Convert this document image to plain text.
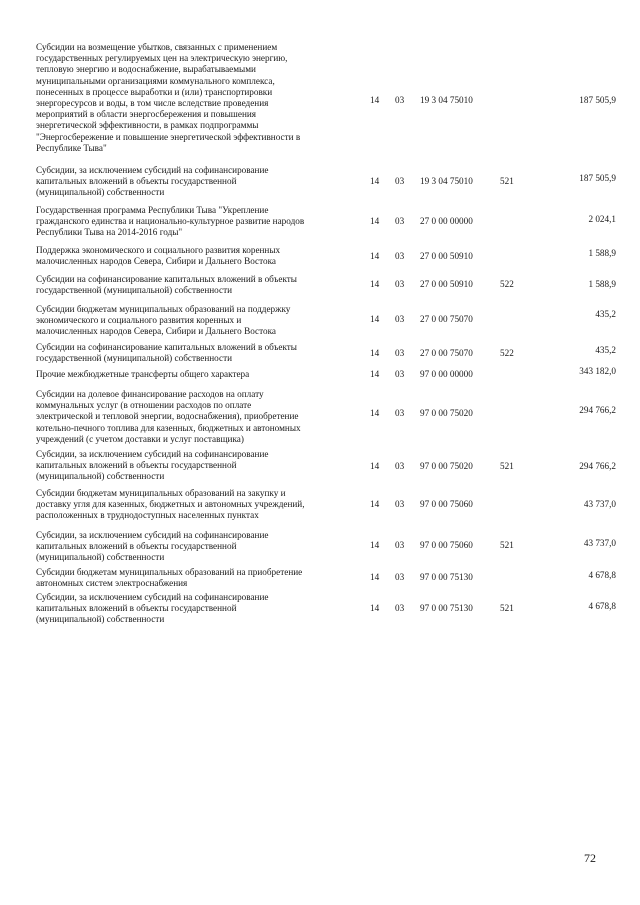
Субсидии на возмещение убытков, связанных с применением
государственных регулируемых цен на электрическую энергию,
тепловую энергию и водоснабжение, вырабатываемыми
муниципальными организациями коммунального комплекса,
понесенных в процессе выработки и (или) транспортировки
энергоресурсов и воды, в том числе вследствие проведения
мероприятий в области энергосбережения и повышения
энергетической эффективности, в рамках подпрограммы
"Энергосбережение и повышение энергетической эффективности в
Республике Тыва"
14 03 19 3 04 75010	187 505,9
Субсидии, за исключением субсидий на софинансирование
капитальных вложений в объекты государственной
(муниципальной) собственности
14 03 19 3 04 75010	521	187 505,9
Государственная программа Республики Тыва "Укрепление
гражданского единства и национально-культурное развитие народов
Республики Тыва на 2014-2016 годы"
14 03 27 0 00 00000	2 024,1
Поддержка экономического и социального развития коренных
малочисленных народов Севера, Сибири и Дальнего Востока
14 03 27 0 00 50910	1 588,9
Субсидии на софинансирование капитальных вложений в объекты
государственной (муниципальной) собственности
14 03 27 0 00 50910	522	1 588,9
Субсидии бюджетам муниципальных образований на поддержку
экономического и социального развития коренных и
малочисленных народов Севера, Сибири и Дальнего Востока
14 03 27 0 00 75070	435,2
Субсидии на софинансирование капитальных вложений в объекты
государственной (муниципальной) собственности
14 03 27 0 00 75070	522	435,2
Прочие межбюджетные трансферты общего характера	14 03 97 0 00 00000	343 182,0
Субсидии на долевое финансирование расходов на оплату
коммунальных услуг (в отношении расходов по оплате
электрической и тепловой энергии, водоснабжения), приобретение
котельно-печного топлива для казенных, бюджетных и автономных
учреждений (с учетом доставки и услуг поставщика)
14 03 97 0 00 75020	294 766,2
Субсидии, за исключением субсидий на софинансирование
капитальных вложений в объекты государственной
(муниципальной) собственности
14 03 97 0 00 75020	521	294 766,2
Субсидии бюджетам муниципальных образований на закупку и
доставку угля для казенных, бюджетных и автономных учреждений,
расположенных в труднодоступных населенных пунктах
14 03 97 0 00 75060	43 737,0
Субсидии, за исключением субсидий на софинансирование
капитальных вложений в объекты государственной
(муниципальной) собственности
14 03 97 0 00 75060	521	43 737,0
Субсидии бюджетам муниципальных образований на приобретение
автономных систем электроснабжения
14 03 97 0 00 75130	4 678,8
Субсидии, за исключением субсидий на софинансирование
капитальных вложений в объекты государственной
(муниципальной) собственности
14 03 97 0 00 75130	521	4 678,8
72
